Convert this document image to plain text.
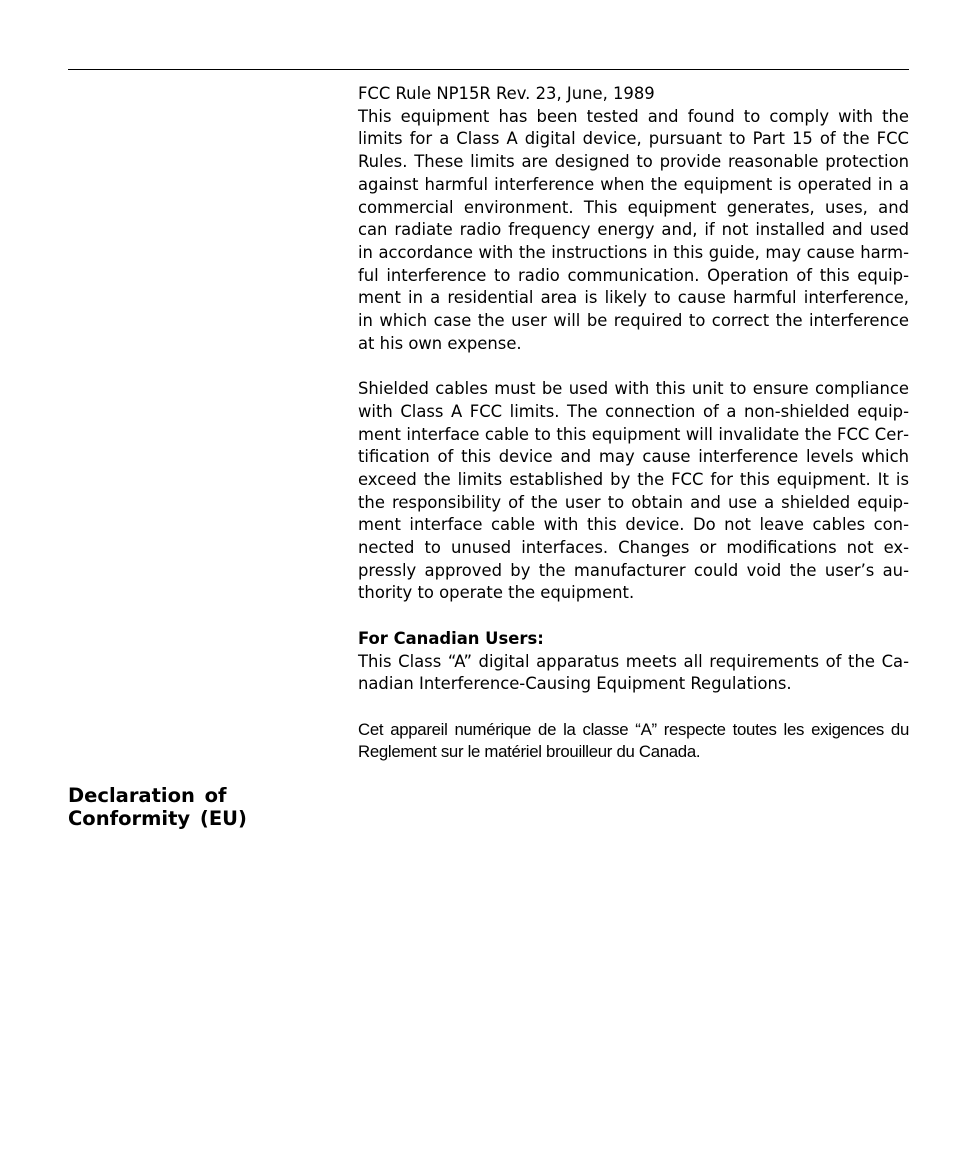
FCC Rule NP15R Rev. 23, June, 1989

This equipment has been tested and found to comply with the limits for a Class A digital device, pursuant to Part 15 of the FCC Rules. These limits are designed to provide reasonable protection against harmful interference when the equipment is operated in a commercial environment. This equipment generates, uses, and can radiate radio frequency energy and, if not installed and used in accordance with the instructions in this guide, may cause harmful interference to radio communication. Operation of this equipment in a residential area is likely to cause harmful interference, in which case the user will be required to correct the interference at his own expense.

Shielded cables must be used with this unit to ensure compliance with Class A FCC limits. The connection of a non-shielded equipment interface cable to this equipment will invalidate the FCC Certification of this device and may cause interference levels which exceed the limits established by the FCC for this equipment. It is the responsibility of the user to obtain and use a shielded equipment interface cable with this device. Do not leave cables connected to unused interfaces. Changes or modifications not expressly approved by the manufacturer could void the user’s authority to operate the equipment.

For Canadian Users:

This Class “A” digital apparatus meets all requirements of the Canadian Interference-Causing Equipment Regulations.

Cet appareil numérique de la classe “A” respecte toutes les exigences du Reglement sur le matériel brouilleur du Canada.

Declaration of Conformity (EU)
